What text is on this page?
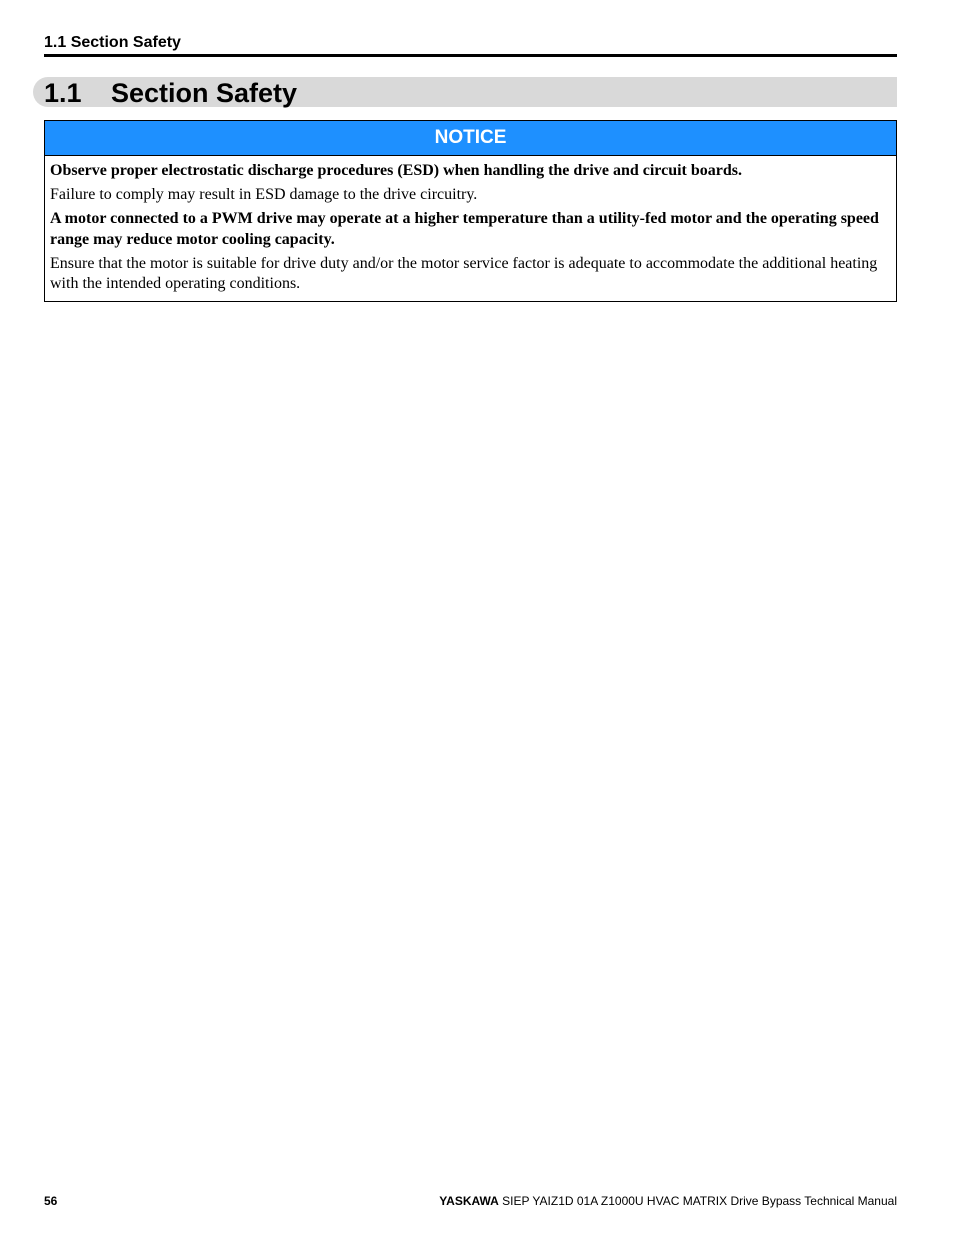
1.1 Section Safety
1.1 Section Safety
NOTICE

Observe proper electrostatic discharge procedures (ESD) when handling the drive and circuit boards.

Failure to comply may result in ESD damage to the drive circuitry.

A motor connected to a PWM drive may operate at a higher temperature than a utility-fed motor and the operating speed range may reduce motor cooling capacity.

Ensure that the motor is suitable for drive duty and/or the motor service factor is adequate to accommodate the additional heating with the intended operating conditions.

56	YASKAWA SIEP YAIZ1D 01A Z1000U HVAC MATRIX Drive Bypass Technical Manual
